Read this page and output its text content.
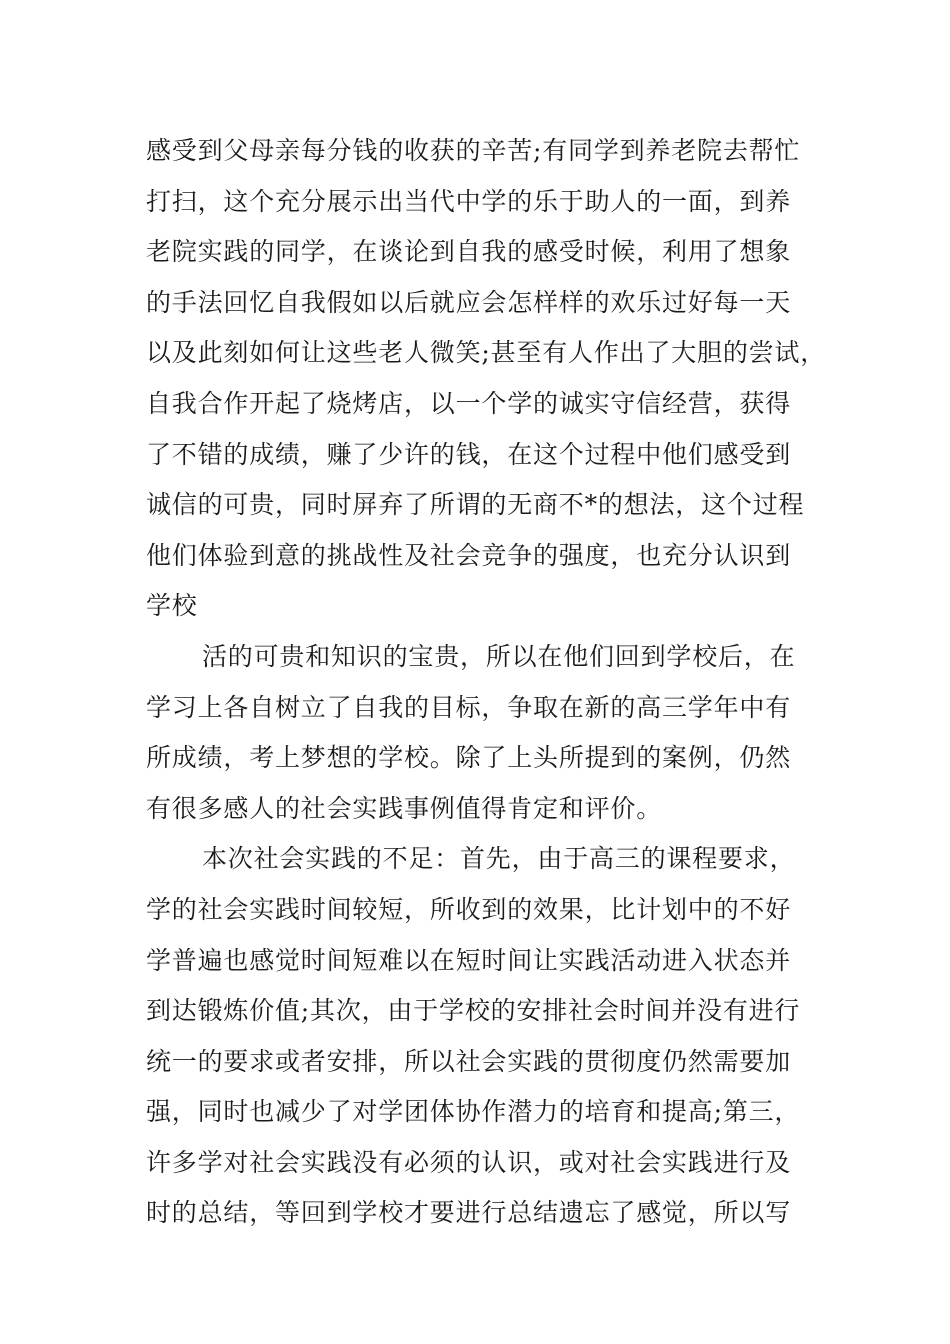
感受到父母亲每分钱的收获的辛苦;有同学到养老院去帮忙
打扫，这个充分展示出当代中学的乐于助人的一面，到养
老院实践的同学，在谈论到自我的感受时候，利用了想象
的手法回忆自我假如以后就应会怎样样的欢乐过好每一天
以及此刻如何让这些老人微笑;甚至有人作出了大胆的尝试，
自我合作开起了烧烤店，以一个学的诚实守信经营，获得
了不错的成绩，赚了少许的钱，在这个过程中他们感受到
诚信的可贵，同时屏弃了所谓的无商不*的想法，这个过程
他们体验到意的挑战性及社会竞争的强度，也充分认识到
学校
活的可贵和知识的宝贵，所以在他们回到学校后，在
学习上各自树立了自我的目标，争取在新的高三学年中有
所成绩，考上梦想的学校。除了上头所提到的案例，仍然
有很多感人的社会实践事例值得肯定和评价。
本次社会实践的不足：首先，由于高三的课程要求，
学的社会实践时间较短，所收到的效果，比计划中的不好
学普遍也感觉时间短难以在短时间让实践活动进入状态并
到达锻炼价值;其次，由于学校的安排社会时间并没有进行
统一的要求或者安排，所以社会实践的贯彻度仍然需要加
强，同时也减少了对学团体协作潜力的培育和提高;第三，
许多学对社会实践没有必须的认识，或对社会实践进行及
时的总结，等回到学校才要进行总结遗忘了感觉，所以写
